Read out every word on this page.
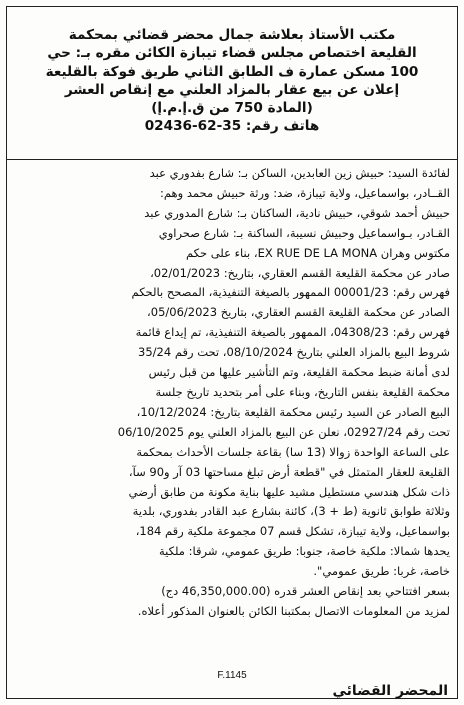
مكتب الأستاذ بعلاشة جمال محضر قضائي بمحكمة
القليعة اختصاص مجلس قضاء تيبازة الكائن مقره بـ: حي
100 مسكن عمارة ف الطابق الثاني طريق فوكة بالقليعة
إعلان عن بيع عقار بالمزاد العلني مع إنقاص العشر
(المادة 750 من ق.إ.م.إ)
هاتف رقم: 35-62-02436
لفائدة السيد: حبيش زين العابدين، الساكن بـ: شارع بفدوري عبد
القــادر، بواسماعيل، ولاية تيبازة، ضد: ورثة حبيش محمد وهم:
حبيش أحمد شوقي، حبيش نادية، الساكنان بـ: شارع المدوري عبد
القـادر، بـواسماعيل وحبيش نسيبة، الساكنة بـ: شارع صحراوي
مكتوس وهران EX RUE DE LA MONA، بناء على حكم
صادر عن محكمة القليعة القسم العقاري، بتاريخ: 02/01/2023،
فهرس رقم: 00001/23 الممهور بالصيغة التنفيذية، المصحح بالحكم
الصادر عن محكمة القليعة القسم العقاري، بتاريخ 05/06/2023،
فهرس رقم: 04308/23، الممهور بالصيغة التنفيذية، تم إيداع قائمة
شروط البيع بالمزاد العلني بتاريخ 08/10/2024، تحت رقم 35/24
لدى أمانة ضبط محكمة القليعة، وتم التأشير عليها من قبل رئيس
محكمة القليعة بنفس التاريخ، وبناء على أمر بتحديد تاريخ جلسة
البيع الصادر عن السيد رئيس محكمة القليعة بتاريخ: 10/12/2024،
تحت رقم 02927/24، نعلن عن البيع بالمزاد العلني يوم 06/10/2025
على الساعة الواحدة زوالا (13 سا) بقاعة جلسات الأحداث بمحكمة
القليعة للعقار المتمثل في "قطعة أرض تبلغ مساحتها 03 آر و90 سآ،
ذات شكل هندسي مستطيل مشيد عليها بناية مكونة من طابق أرضي
وثلاثة طوابق ثانوية (ط + 3)، كائنة بشارع عبد القادر بفدوري، بلدية
بواسماعيل، ولاية تيبازة، تشكل قسم 07 مجموعة ملكية رقم 184،
يحدها شمالا: ملكية خاصة، جنوبا: طريق عمومي، شرقا: ملكية
خاصة، غربا: طريق عمومي".
بسعر افتتاحي بعد إنقاص العشر قدره (46,350,000.00 دج)
لمزيد من المعلومات الاتصال بمكتبنا الكائن بالعنوان المذكور أعلاه.
F.1145
المحضر القضائي
